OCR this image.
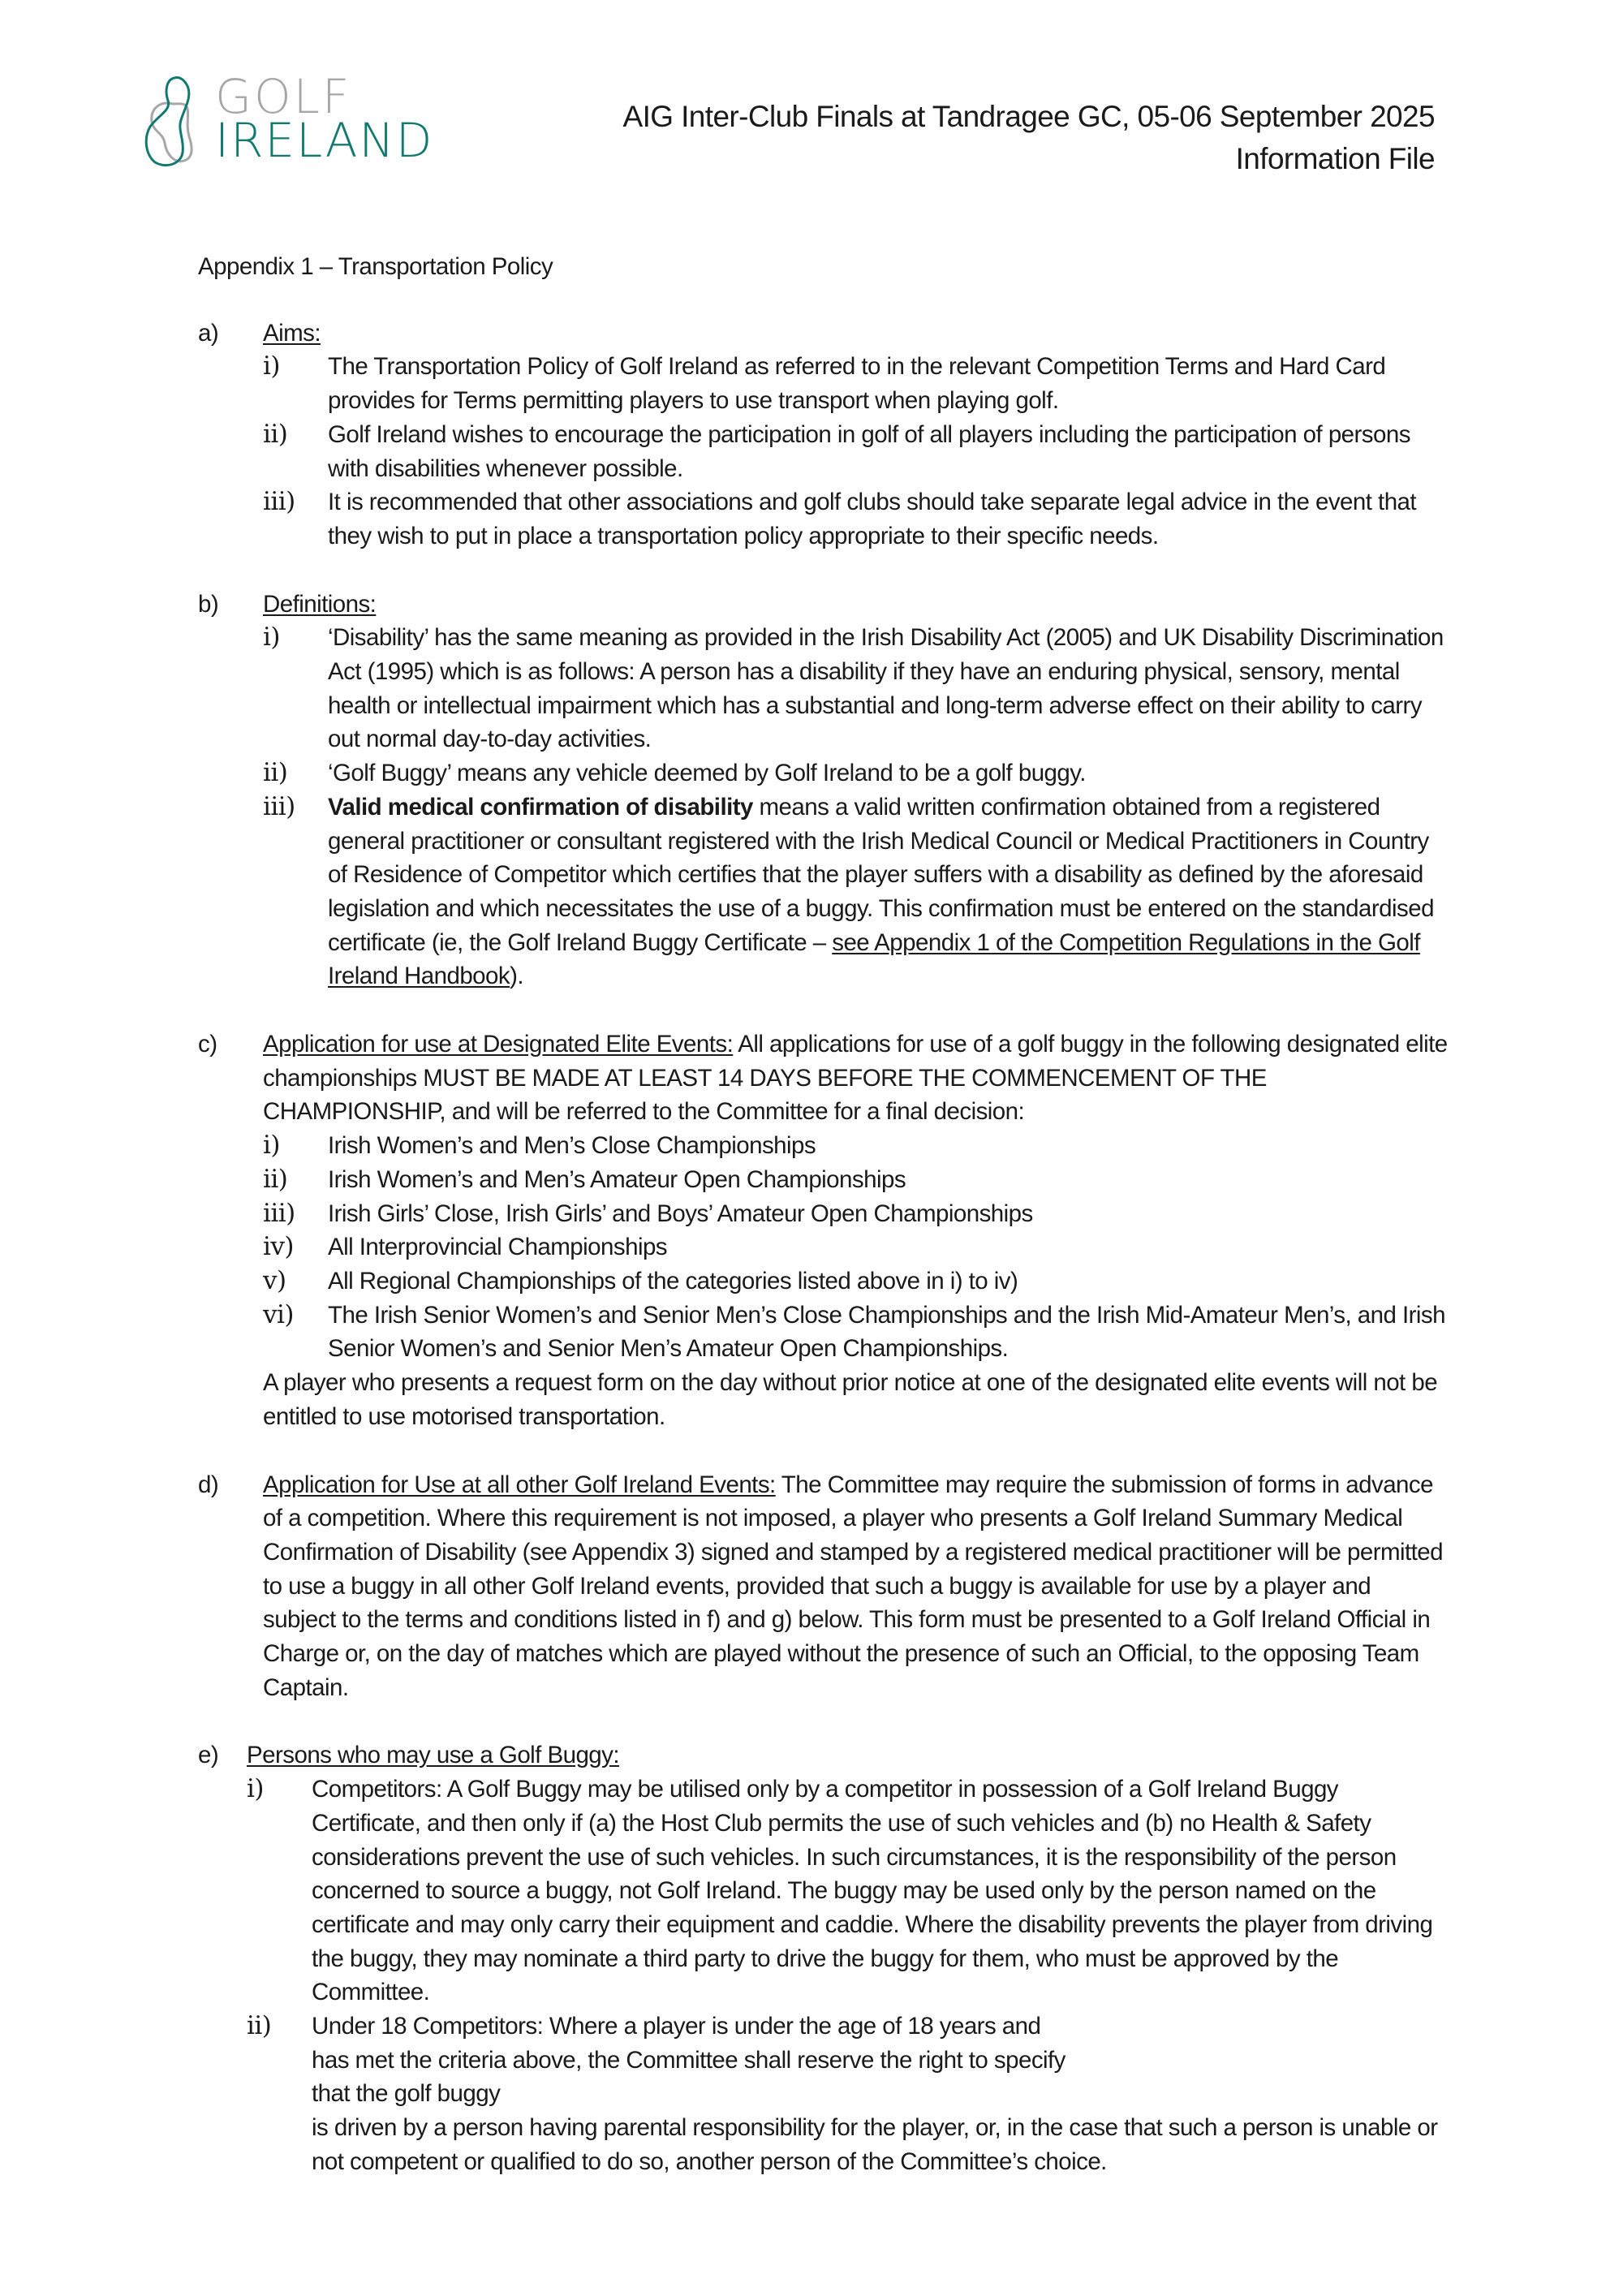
GOLF
IRELAND	AIG Inter-Club Finals at Tandragee GC, 05-06 September 2025
Information File

Appendix 1 – Transportation Policy

a) Aims:

i) The Transportation Policy of Golf Ireland as referred to in the relevant Competition Terms and Hard Card provides for Terms permitting players to use transport when playing golf.
ii) Golf Ireland wishes to encourage the participation in golf of all players including the participation of persons with disabilities whenever possible.
iii) It is recommended that other associations and golf clubs should take separate legal advice in the event that they wish to put in place a transportation policy appropriate to their specific needs.
b) Definitions:

i) ‘Disability’ has the same meaning as provided in the Irish Disability Act (2005) and UK Disability Discrimination Act (1995) which is as follows: A person has a disability if they have an enduring physical, sensory, mental health or intellectual impairment which has a substantial and long-term adverse effect on their ability to carry out normal day-to-day activities.
ii) ‘Golf Buggy’ means any vehicle deemed by Golf Ireland to be a golf buggy.
iii) Valid medical confirmation of disability means a valid written confirmation obtained from a registered general practitioner or consultant registered with the Irish Medical Council or Medical Practitioners in Country of Residence of Competitor which certifies that the player suffers with a disability as defined by the aforesaid legislation and which necessitates the use of a buggy. This confirmation must be entered on the standardised certificate (ie, the Golf Ireland Buggy Certificate – see Appendix 1 of the Competition Regulations in the Golf Ireland Handbook).
c) Application for use at Designated Elite Events: All applications for use of a golf buggy in the following designated elite championships MUST BE MADE AT LEAST 14 DAYS BEFORE THE COMMENCEMENT OF THE CHAMPIONSHIP, and will be referred to the Committee for a final decision:

i) Irish Women’s and Men’s Close Championships
ii) Irish Women’s and Men’s Amateur Open Championships
iii) Irish Girls’ Close, Irish Girls’ and Boys’ Amateur Open Championships
iv) All Interprovincial Championships
v) All Regional Championships of the categories listed above in i) to iv)
vi) The Irish Senior Women’s and Senior Men’s Close Championships and the Irish Mid-Amateur Men’s, and Irish Senior Women’s and Senior Men’s Amateur Open Championships.

A player who presents a request form on the day without prior notice at one of the designated elite events will not be entitled to use motorised transportation.

d) Application for Use at all other Golf Ireland Events: The Committee may require the submission of forms in advance of a competition. Where this requirement is not imposed, a player who presents a Golf Ireland Summary Medical Confirmation of Disability (see Appendix 3) signed and stamped by a registered medical practitioner will be permitted to use a buggy in all other Golf Ireland events, provided that such a buggy is available for use by a player and subject to the terms and conditions listed in f) and g) below. This form must be presented to a Golf Ireland Official in Charge or, on the day of matches which are played without the presence of such an Official, to the opposing Team Captain.

e) Persons who may use a Golf Buggy:

i) Competitors: A Golf Buggy may be utilised only by a competitor in possession of a Golf Ireland Buggy Certificate, and then only if (a) the Host Club permits the use of such vehicles and (b) no Health & Safety considerations prevent the use of such vehicles. In such circumstances, it is the responsibility of the person concerned to source a buggy, not Golf Ireland. The buggy may be used only by the person named on the certificate and may only carry their equipment and caddie. Where the disability prevents the player from driving the buggy, they may nominate a third party to drive the buggy for them, who must be approved by the Committee.
ii) Under 18 Competitors: Where a player is under the age of 18 years and has met the criteria above, the Committee shall reserve the right to specify that the golf buggy
is driven by a person having parental responsibility for the player, or, in the case that such a person is unable or not competent or qualified to do so, another person of the Committee’s choice.
